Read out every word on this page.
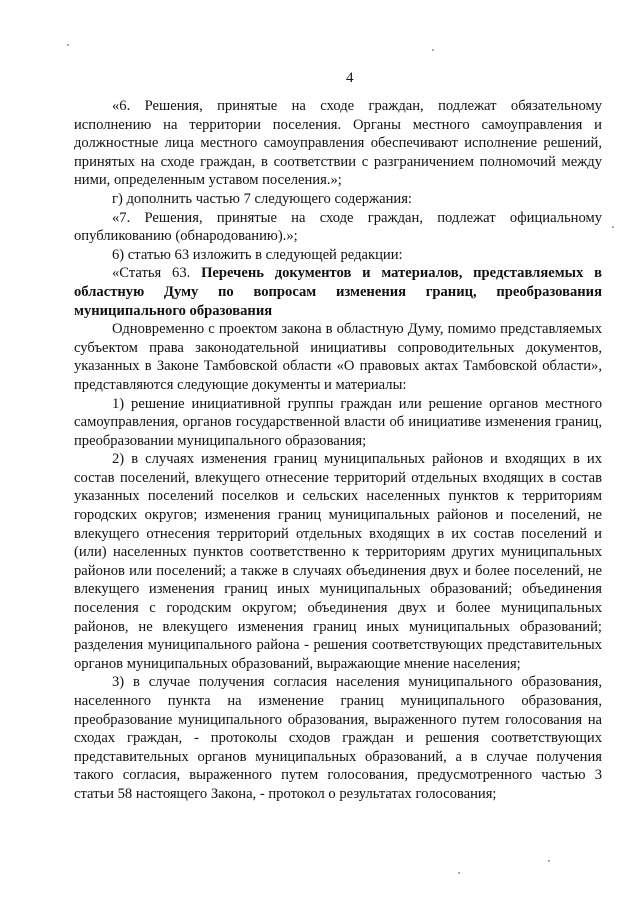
4

«6. Решения, принятые на сходе граждан, подлежат обязательному исполнению на территории поселения. Органы местного самоуправления и должностные лица местного самоуправления обеспечивают исполнение решений, принятых на сходе граждан, в соответствии с разграничением полномочий между ними, определенным уставом поселения.»;

г) дополнить частью 7 следующего содержания:

«7. Решения, принятые на сходе граждан, подлежат официальному опубликованию (обнародованию).»;

6) статью 63 изложить в следующей редакции:

«Статья 63. Перечень документов и материалов, представляемых в областную Думу по вопросам изменения границ, преобразования муниципального образования

Одновременно с проектом закона в областную Думу, помимо представляемых субъектом права законодательной инициативы сопроводительных документов, указанных в Законе Тамбовской области «О правовых актах Тамбовской области», представляются следующие документы и материалы:

1) решение инициативной группы граждан или решение органов местного самоуправления, органов государственной власти об инициативе изменения границ, преобразовании муниципального образования;

2) в случаях изменения границ муниципальных районов и входящих в их состав поселений, влекущего отнесение территорий отдельных входящих в состав указанных поселений поселков и сельских населенных пунктов к территориям городских округов; изменения границ муниципальных районов и поселений, не влекущего отнесения территорий отдельных входящих в их состав поселений и (или) населенных пунктов соответственно к территориям других муниципальных районов или поселений; а также в случаях объединения двух и более поселений, не влекущего изменения границ иных муниципальных образований; объединения поселения с городским округом; объединения двух и более муниципальных районов, не влекущего изменения границ иных муниципальных образований; разделения муниципального района - решения соответствующих представительных органов муниципальных образований, выражающие мнение населения;

3) в случае получения согласия населения муниципального образования, населенного пункта на изменение границ муниципального образования, преобразование муниципального образования, выраженного путем голосования на сходах граждан, - протоколы сходов граждан и решения соответствующих представительных органов муниципальных образований, а в случае получения такого согласия, выраженного путем голосования, предусмотренного частью 3 статьи 58 настоящего Закона, - протокол о результатах голосования;
